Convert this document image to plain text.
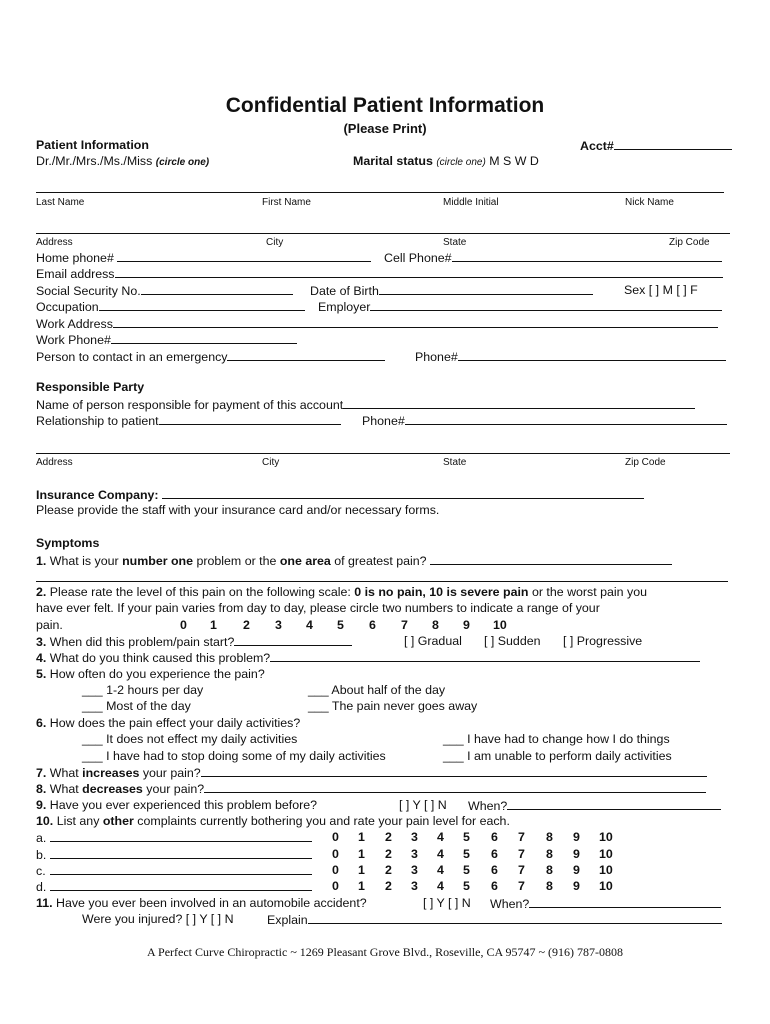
Confidential Patient Information
(Please Print)
Patient Information	Acct#
Dr./Mr./Mrs./Ms./Miss (circle one)	Marital status (circle one) M S W D
Last Name	First Name	Middle Initial	Nick Name
Address	City	State	Zip Code
Home phone#	Cell Phone#
Email address
Social Security No.	Date of Birth	Sex [ ] M [ ] F
Occupation	Employer
Work Address
Work Phone#
Person to contact in an emergency	Phone#
Responsible Party
Name of person responsible for payment of this account
Relationship to patient	Phone#
Address	City	State	Zip Code
Insurance Company:
Please provide the staff with your insurance card and/or necessary forms.
Symptoms
1. What is your number one problem or the one area of greatest pain?
2. Please rate the level of this pain on the following scale: 0 is no pain, 10 is severe pain or the worst pain you
have ever felt. If your pain varies from day to day, please circle two numbers to indicate a range of your
pain.	0 1 2 3 4 5 6 7 8 9 10
3. When did this problem/pain start?	[ ] Gradual [ ] Sudden [ ] Progressive
4. What do you think caused this problem?
5. How often do you experience the pain?
___ 1-2 hours per day	___ About half of the day
___ Most of the day	___ The pain never goes away
6. How does the pain effect your daily activities?
___ It does not effect my daily activities	___ I have had to change how I do things
___ I have had to stop doing some of my daily activities	___ I am unable to perform daily activities
7. What increases your pain?
8. What decreases your pain?
9. Have you ever experienced this problem before?	[ ] Y [ ] N When?
10. List any other complaints currently bothering you and rate your pain level for each.
a.	0 1 2 3 4 5 6 7 8 9 10
b.	0 1 2 3 4 5 6 7 8 9 10
c.	0 1 2 3 4 5 6 7 8 9 10
d.	0 1 2 3 4 5 6 7 8 9 10
11. Have you ever been involved in an automobile accident?	[ ] Y [ ] N When?
Were you injured? [ ] Y [ ] N	Explain
A Perfect Curve Chiropractic ~ 1269 Pleasant Grove Blvd., Roseville, CA 95747 ~ (916) 787-0808
